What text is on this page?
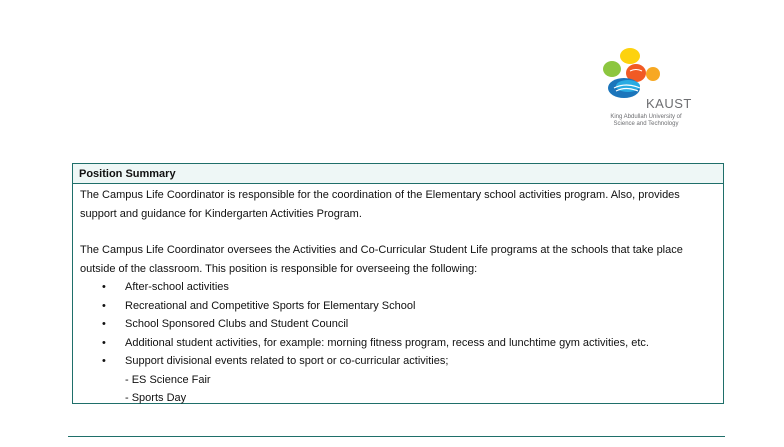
KAUST
King Abdullah University of Science and Technology
Position Summary

The Campus Life Coordinator is responsible for the coordination of the Elementary school activities program. Also, provides support and guidance for Kindergarten Activities Program.

The Campus Life Coordinator oversees the Activities and Co-Curricular Student Life programs at the schools that take place outside of the classroom. This position is responsible for overseeing the following:

• After-school activities
• Recreational and Competitive Sports for Elementary School
• School Sponsored Clubs and Student Council
• Additional student activities, for example: morning fitness program, recess and lunchtime gym activities, etc.
• Support divisional events related to sport or co-curricular activities;
- ES Science Fair
- Sports Day
